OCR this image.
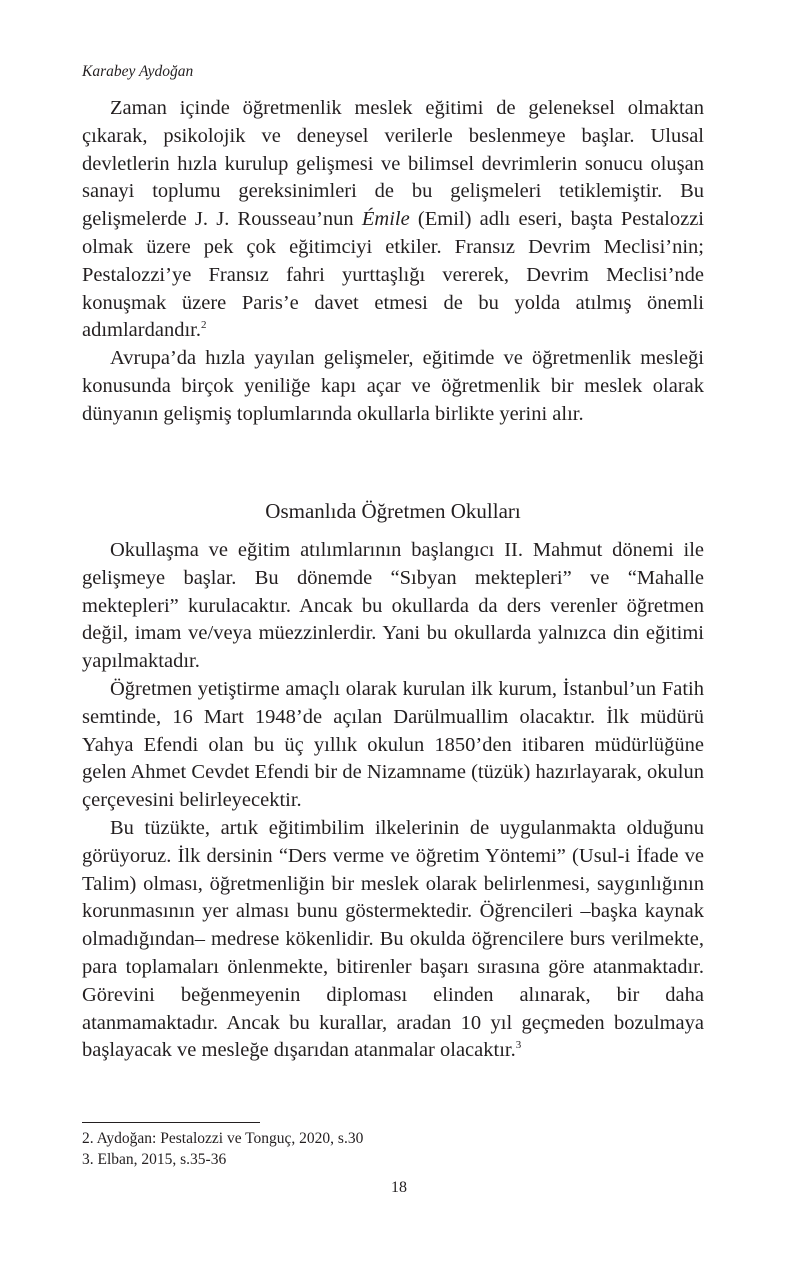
Karabey Aydoğan

Zaman içinde öğretmenlik meslek eğitimi de geleneksel olmaktan çıkarak, psikolojik ve deneysel verilerle beslenmeye başlar. Ulusal devletlerin hızla kurulup gelişmesi ve bilimsel devrimlerin sonucu oluşan sanayi toplumu gereksinimleri de bu gelişmeleri tetiklemiştir. Bu gelişmelerde J. J. Rousseau’nun Émile (Emil) adlı eseri, başta Pestalozzi olmak üzere pek çok eğitimciyi etkiler. Fransız Devrim Meclisi’nin; Pestalozzi’ye Fransız fahri yurttaşlığı vererek, Devrim Meclisi’nde konuşmak üzere Paris’e davet etmesi de bu yolda atılmış önemli adımlardandır.$^2$

Avrupa’da hızla yayılan gelişmeler, eğitimde ve öğretmenlik mesleği konusunda birçok yeniliğe kapı açar ve öğretmenlik bir meslek olarak dünyanın gelişmiş toplumlarında okullarla birlikte yerini alır.

Osmanlıda Öğretmen Okulları

Okullaşma ve eğitim atılımlarının başlangıcı II. Mahmut dönemi ile gelişmeye başlar. Bu dönemde “Sıbyan mektepleri” ve “Mahalle mektepleri” kurulacaktır. Ancak bu okullarda da ders verenler öğretmen değil, imam ve/veya müezzinlerdir. Yani bu okullarda yalnızca din eğitimi yapılmaktadır.

Öğretmen yetiştirme amaçlı olarak kurulan ilk kurum, İstanbul’un Fatih semtinde, 16 Mart 1948’de açılan Darülmuallim olacaktır. İlk müdürü Yahya Efendi olan bu üç yıllık okulun 1850’den itibaren müdürlüğüne gelen Ahmet Cevdet Efendi bir de Nizamname (tüzük) hazırlayarak, okulun çerçevesini belirleyecektir.

Bu tüzükte, artık eğitimbilim ilkelerinin de uygulanmakta olduğunu görüyoruz. İlk dersinin “Ders verme ve öğretim Yöntemi” (Usul-i İfade ve Talim) olması, öğretmenliğin bir meslek olarak belirlenmesi, saygınlığının korunmasının yer alması bunu göstermektedir. Öğrencileri –başka kaynak olmadığından– medrese kökenlidir. Bu okulda öğrencilere burs verilmekte, para toplamaları önlenmekte, bitirenler başarı sırasına göre atanmaktadır. Görevini beğenmeyenin diploması elinden alınarak, bir daha atanmamaktadır. Ancak bu kurallar, aradan 10 yıl geçmeden bozulmaya başlayacak ve mesleğe dışarıdan atanmalar olacaktır.$^3$

2. Aydoğan: Pestalozzi ve Tonguç, 2020, s.30
3. Elban, 2015, s.35-36
18
